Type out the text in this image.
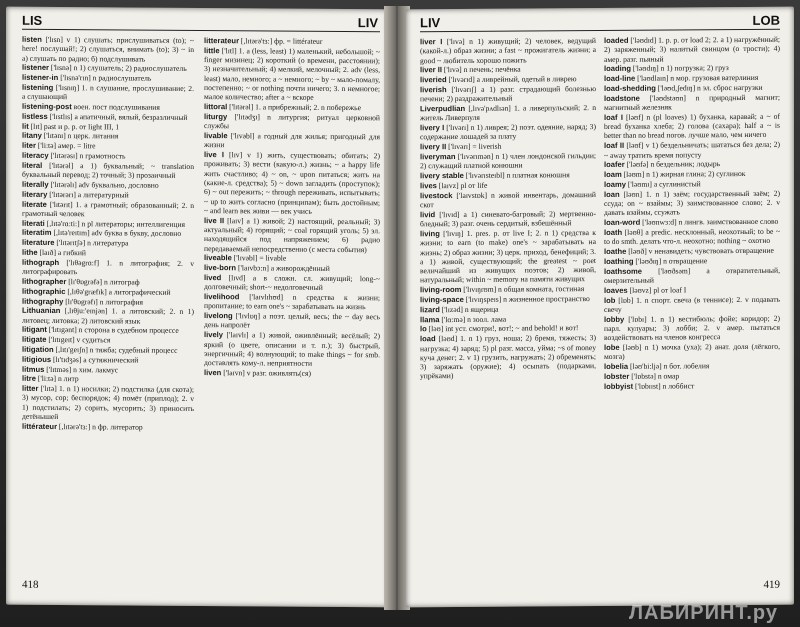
LIS	LIV

listen ['lɪsn] v 1) слушать; прислушиваться (to); ~ here! послушай!; 2) слушаться, внимать (to); 3) ~ in а) слушать по радио; б) подслушивать

listener ['lɪsnə] n 1) слушатель; 2) радиослушатель

listener-in ['lɪsnə'rɪn] n радиослушатель

listening ['lɪsnɪŋ] 1. n слушание, прослушивание; 2. a слушающий

listening-post воен. пост подслушивания

listless ['lɪstlɪs] a апатичный, вялый, безразличный

lit [lɪt] past и p. p. от light III, 1

litany ['lɪtənɪ] n церк. литания

liter ['li:tə] амер. = litre

literacy ['lɪtərəsɪ] n грамотность

literal ['lɪtərəl] a 1) буквальный; ~ translation буквальный перевод; 2) точный; 3) прозаичный

literally ['lɪtərəlɪ] adv буквально, дословно

literary ['lɪtərərɪ] a литературный

literate ['lɪtərɪt] 1. a грамотный; образованный; 2. n грамотный человек

literati [,lɪtə'rɑ:ti:] n pl литераторы; интеллигенция

literatim [,lɪtə'reɪtɪm] adv буква в букву, дословно

literature ['lɪtərɪtʃə] n литература

lithe [laɪð] a гибкий

lithograph ['lɪθəgrɑ:f] 1. n литография; 2. v литографировать

lithographer [lɪ'θɒgrəfə] n литограф

lithographic [,lɪθə'græfɪk] a литографический

lithography [lɪ'θɒgrəfɪ] n литография

Lithuanian [,lɪθju:'eɪnjən] 1. a литовский; 2. n 1) литовец; литовка; 2) литовский язык

litigant ['lɪtɪgənt] n сторона в судебном процессе

litigate ['lɪtɪgeɪt] v судиться

litigation [,lɪtɪ'geɪʃn] n тяжба; судебный процесс

litigious [lɪ'tɪdʒəs] a сутяжнический

litmus ['lɪtməs] n хим. лакмус

litre ['li:tə] n литр

litter ['lɪtə] 1. n 1) носилки; 2) подстилка (для скота); 3) мусор, сор; беспорядок; 4) помёт (приплод); 2. v 1) подстилать; 2) сорить, мусорить; 3) приносить детёнышей

littérateur [,lɪtərə'tɜ:] n фр. литератор

litterateur [,lɪtərə'tɜ:] фр. = littérateur

little ['lɪtl] 1. a (less, least) 1) маленький, небольшой; ~ finger мизинец; 2) короткий (о времени, расстоянии); 3) незначительный; 4) мелкий, мелочный; 2. adv (less, least) мало, немного; a ~ немного; ~ by ~ мало-помалу, постепенно; ~ or nothing почти ничего; 3. n немногое; малое количество; after a ~ вскоре

littoral ['lɪtərəl] 1. a прибрежный; 2. n побережье

liturgy ['lɪtədʒɪ] n литургия; ритуал церковной службы

livable ['lɪvəbl] a годный для жилья; пригодный для жизни

live I [lɪv] v 1) жить, существовать; обитать; 2) проживать; 3) вести (какую-л.) жизнь; ~ a happy life жить счастливо; 4) ~ on, ~ upon питаться; жить на (какие-л. средства); 5) ~ down загладить (проступок); 6) ~ out пережить; ~ through переживать, испытывать; ~ up to жить согласно (принципам); быть достойным; ~ and learn век живи — век учись

live II [laɪv] a 1) живой; 2) настоящий, реальный; 3) актуальный; 4) горящий; ~ coal горящий уголь; 5) эл. находящийся под напряжением; 6) радио передаваемый непосредственно (с места события)

liveable ['lɪvəbl] = livable

live-born ['laɪvbɔ:n] a живорождённый

lived [lɪvd] a в сложн. сл. живущий; long-~ долговечный; short-~ недолговечный

livelihood ['laɪvlɪhʊd] n средства к жизни; пропитание; to earn one's ~ зарабатывать на жизнь

livelong ['lɪvlɒŋ] a поэт. целый, весь; the ~ day весь день напролёт

lively ['laɪvlɪ] a 1) живой, оживлённый; весёлый; 2) яркий (о цвете, описании и т. п.); 3) быстрый, энергичный; 4) волнующий; to make things ~ for smb. доставлять кому-л. неприятности

liven ['laɪvn] v разг. оживлять(ся)

418
LIV	LOB

liver I ['lɪvə] n 1) живущий; 2) человек, ведущий (какой-л.) образ жизни; a fast ~ прожигатель жизни; a good ~ любитель хорошо пожить

liver II ['lɪvə] n печень; печёнка

liveried ['lɪvərɪd] a ливрейный, одетый в ливрею

liverish ['lɪvərɪʃ] a 1) разг. страдающий болезнью печени; 2) раздражительный

Liverpudlian [,lɪvə'pʌdlɪən] 1. a ливерпульский; 2. n житель Ливерпуля

livery I ['lɪvərɪ] n 1) ливрея; 2) поэт. одеяние, наряд; 3) содержание лошадей за плату

livery II ['lɪvərɪ] = liverish

liveryman ['lɪvərɪmən] n 1) член лондонской гильдии; 2) служащий платной конюшни

livery stable ['lɪvərɪsteɪbl] n платная конюшня

lives [laɪvz] pl от life

livestock ['laɪvstɒk] n живой инвентарь, домашний скот

livid ['lɪvɪd] a 1) синевато-багровый; 2) мертвенно-бледный; 3) разг. очень сердитый, взбешённый

living ['lɪvɪŋ] 1. pres. p. от live I; 2. n 1) средства к жизни; to earn (to make) one's ~ зарабатывать на жизнь; 2) образ жизни; 3) церк. приход, бенефиций; 3. a 1) живой, существующий; the greatest ~ poet величайший из живущих поэтов; 2) живой, натуральный; within ~ memory на памяти живущих

living-room ['lɪvɪŋrʊm] n общая комната, гостиная

living-space ['lɪvɪŋspeɪs] n жизненное пространство

lizard ['lɪzəd] n ящерица

llama ['lɑ:mə] n зоол. лама

lo [ləʊ] int уст. смотри!, вот!; ~ and behold! и вот!

load [ləʊd] 1. n 1) груз, ноша; 2) бремя, тяжесть; 3) нагрузка; 4) заряд; 5) pl разг. масса, уйма; ~s of money куча денег; 2. v 1) грузить, нагружать; 2) обременять; 3) заряжать (оружие); 4) осыпать (подарками, упрёками)

loaded ['ləʊdɪd] 1. p. p. от load 2; 2. a 1) нагружённый; 2) заряженный; 3) налитый свинцом (о трости); 4) амер. разг. пьяный

loading ['ləʊdɪŋ] n 1) погрузка; 2) груз

load-line ['ləʊdlaɪn] n мор. грузовая ватерлиния

load-shedding ['ləʊd,ʃedɪŋ] n эл. сброс нагрузки

loadstone ['ləʊdstəʊn] n природный магнит; магнитный железняк

loaf I [ləʊf] n (pl loaves) 1) буханка, каравай; a ~ of bread буханка хлеба; 2) голова (сахара); half a ~ is better than no bread погов. лучше мало, чем ничего

loaf II [ləʊf] v 1) бездельничать; шататься без дела; 2) ~ away тратить время попусту

loafer ['ləʊfə] n бездельник; лодырь

loam [ləʊm] n 1) жирная глина; 2) суглинок

loamy ['ləʊmɪ] a суглинистый

loan [ləʊn] 1. n 1) заём; государственный заём; 2) ссуда; on ~ взаймы; 3) заимствованное слово; 2. v давать взаймы, ссужать

loan-word ['ləʊnwɜ:d] n лингв. заимствованное слово

loath [ləʊθ] a predic. несклонный, неохотный; to be ~ to do smth. делать что-л. неохотно; nothing ~ охотно

loathe [ləʊð] v ненавидеть; чувствовать отвращение

loathing ['ləʊðɪŋ] n отвращение

loathsome ['ləʊðsəm] a отвратительный, омерзительный

loaves [ləʊvz] pl от loaf I

lob [lɒb] 1. n спорт. свеча (в теннисе); 2. v подавать свечу

lobby ['lɒbɪ] 1. n 1) вестибюль; фойе; коридор; 2) парл. кулуары; 3) лобби; 2. v амер. пытаться воздействовать на членов конгресса

lobe [ləʊb] n 1) мочка (уха); 2) анат. доля (лёгкого, мозга)

lobelia [ləʊ'bi:ljə] n бот. лобелия

lobster ['lɒbstə] n омар

lobbyist ['lɒbɪɪst] n лоббист

419
ЛАБИРИНТ.ру
